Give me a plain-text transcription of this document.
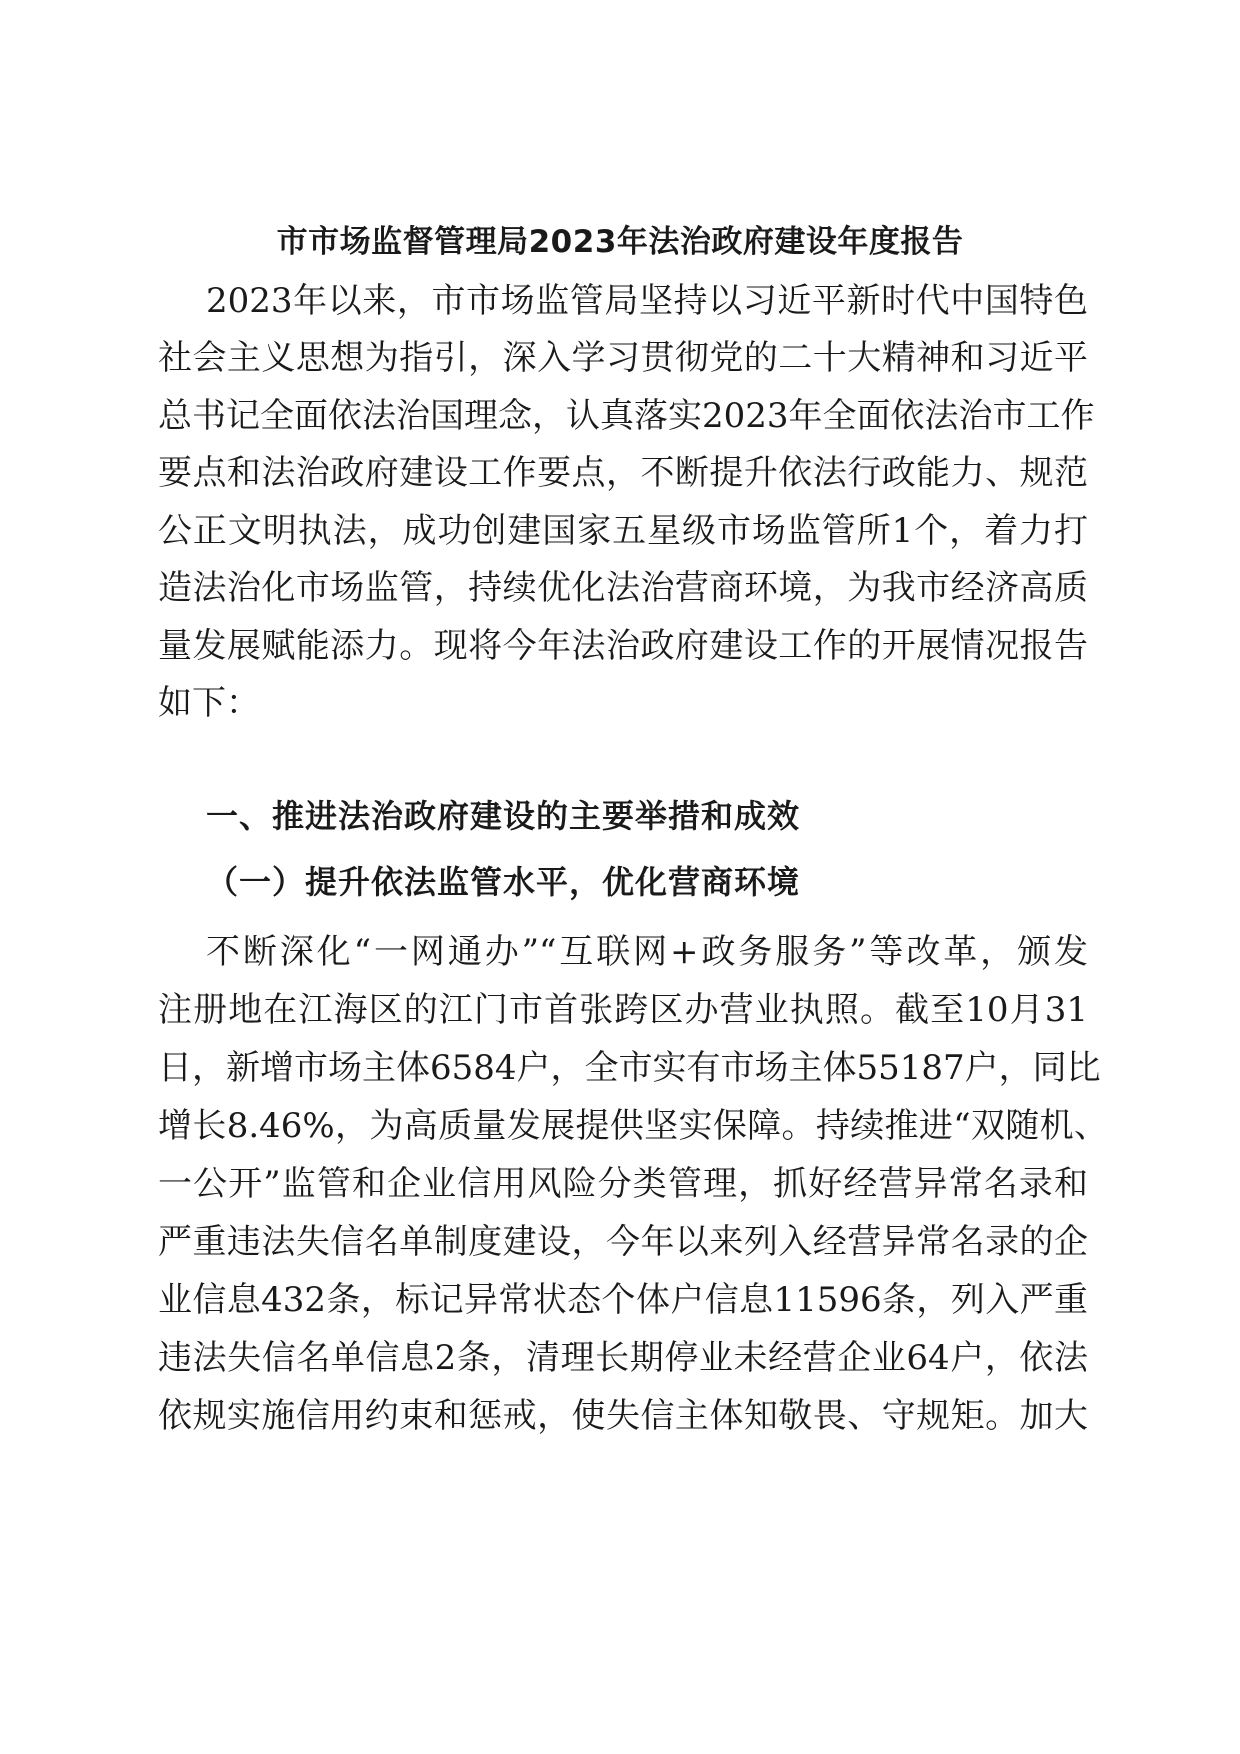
市市场监督管理局2023年法治政府建设年度报告

2023年以来，市市场监管局坚持以习近平新时代中国特色

社会主义思想为指引，深入学习贯彻党的二十大精神和习近平

总书记全面依法治国理念，认真落实2023年全面依法治市工作

要点和法治政府建设工作要点，不断提升依法行政能力、规范

公正文明执法，成功创建国家五星级市场监管所1个，着力打

造法治化市场监管，持续优化法治营商环境，为我市经济高质

量发展赋能添力。现将今年法治政府建设工作的开展情况报告

如下：

一、推进法治政府建设的主要举措和成效
（一）提升依法监管水平，优化营商环境

不断深化“一网通办”“互联网+政务服务”等改革，颁发

注册地在江海区的江门市首张跨区办营业执照。截至10月31

日，新增市场主体6584户，全市实有市场主体55187户，同比

增长8.46%，为高质量发展提供坚实保障。持续推进“双随机、

一公开”监管和企业信用风险分类管理，抓好经营异常名录和

严重违法失信名单制度建设，今年以来列入经营异常名录的企

业信息432条，标记异常状态个体户信息11596条，列入严重

违法失信名单信息2条，清理长期停业未经营企业64户，依法

依规实施信用约束和惩戒，使失信主体知敬畏、守规矩。加大
